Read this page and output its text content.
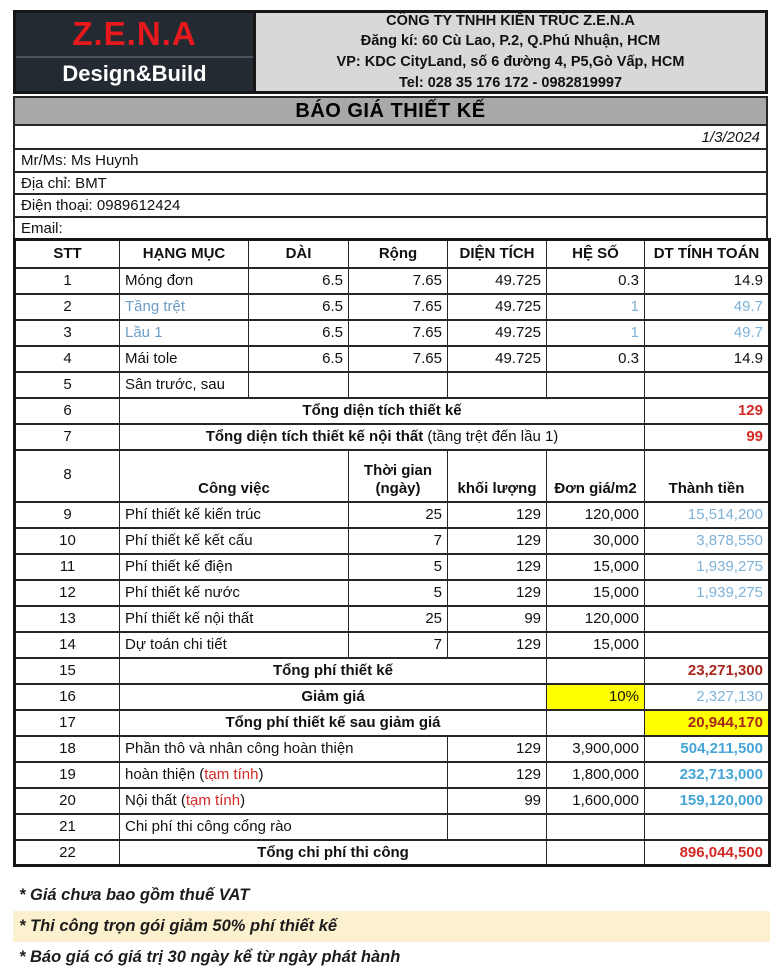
Z.E.N.A
Design&Build
CÔNG TY TNHH KIẾN TRÚC Z.E.N.A
Đăng kí: 60 Cù Lao, P.2, Q.Phú Nhuận, HCM
VP: KDC CityLand, số 6 đường 4, P5,Gò Vấp, HCM
Tel: 028 35 176 172 - 0982819997
BÁO GIÁ THIẾT KẾ
1/3/2024
Mr/Ms: Ms Huynh
Địa chỉ: BMT
Điện thoại: 0989612424
Email:
STT	HẠNG MỤC	DÀI	Rộng	DIỆN TÍCH	HỆ SỐ	DT TÍNH TOÁN
1	Móng đơn	6.5	7.65	49.725	0.3	14.9
2	Tầng trệt	6.5	7.65	49.725	1	49.7
3	Lầu 1	6.5	7.65	49.725	1	49.7
4	Mái tole	6.5	7.65	49.725	0.3	14.9
5	Sân trước, sau					
6	Tổng diện tích thiết kế					129
7	Tổng diện tích thiết kế nội thất (tầng trệt đến lầu 1)					99
8	Công việc		Thời gian (ngày)	khối lượng	Đơn giá/m2	Thành tiền
9	Phí thiết kế kiến trúc		25	129	120,000	15,514,200
10	Phí thiết kế kết cấu		7	129	30,000	3,878,550
11	Phí thiết kế điện		5	129	15,000	1,939,275
12	Phí thiết kế nước		5	129	15,000	1,939,275
13	Phí thiết kế nội thất		25	99	120,000	
14	Dự toán chi tiết		7	129	15,000	
15	Tổng phí thiết kế					23,271,300
16	Giảm giá				10%	2,327,130
17	Tổng phí thiết kế sau giảm giá					20,944,170
18	Phần thô và nhân công hoàn thiện			129	3,900,000	504,211,500
19	hoàn thiện (tạm tính)			129	1,800,000	232,713,000
20	Nội thất (tạm tính)			99	1,600,000	159,120,000
21	Chi phí thi công cổng rào					
22	Tổng chi phí thi công					896,044,500
* Giá chưa bao gồm thuế VAT
* Thi công trọn gói giảm 50% phí thiết kế
* Báo giá có giá trị 30 ngày kể từ ngày phát hành
